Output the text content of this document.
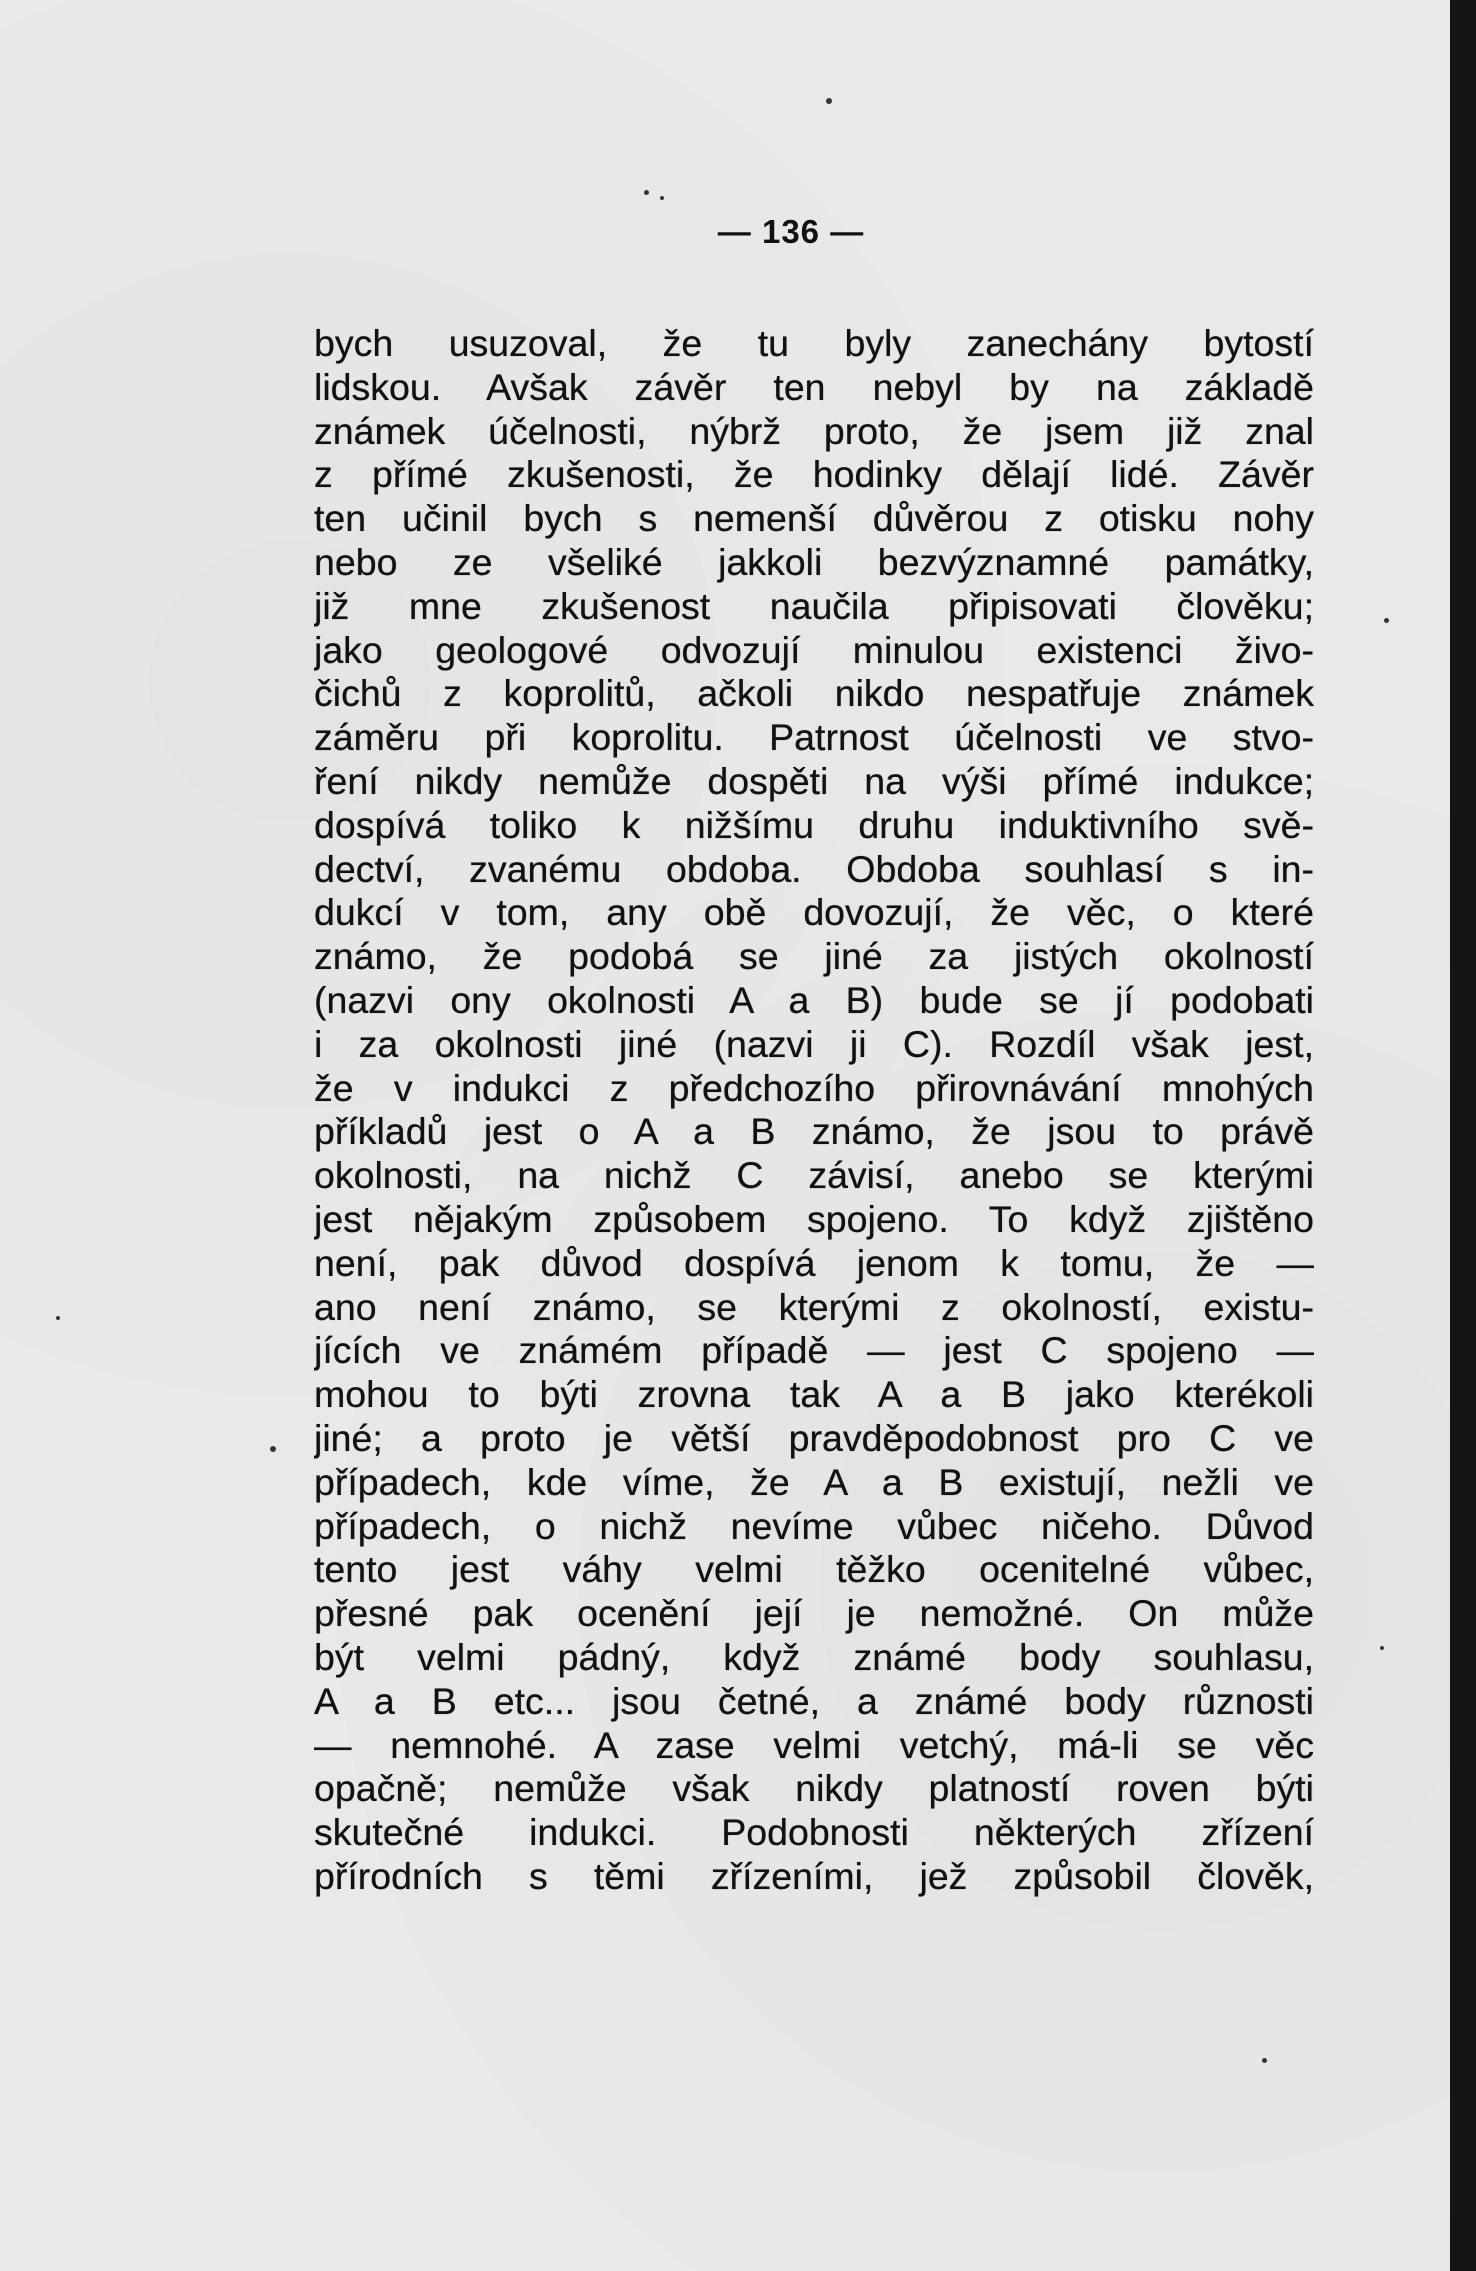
— 136 —
bych usuzoval, že tu byly zanechány bytostí
lidskou. Avšak závěr ten nebyl by na základě
známek účelnosti, nýbrž proto, že jsem již znal
z přímé zkušenosti, že hodinky dělají lidé. Závěr
ten učinil bych s nemenší důvěrou z otisku nohy
nebo ze všeliké jakkoli bezvýznamné památky,
již mne zkušenost naučila připisovati člověku;
jako geologové odvozují minulou existenci živo-
čichů z koprolitů, ačkoli nikdo nespatřuje známek
záměru při koprolitu. Patrnost účelnosti ve stvo-
ření nikdy nemůže dospěti na výši přímé indukce;
dospívá toliko k nižšímu druhu induktivního svě-
dectví, zvanému obdoba. Obdoba souhlasí s in-
dukcí v tom, any obě dovozují, že věc, o které
známo, že podobá se jiné za jistých okolností
(nazvi ony okolnosti A a B) bude se jí podobati
i za okolnosti jiné (nazvi ji C). Rozdíl však jest,
že v indukci z předchozího přirovnávání mnohých
příkladů jest o A a B známo, že jsou to právě
okolnosti, na nichž C závisí, anebo se kterými
jest nějakým způsobem spojeno. To když zjištěno
není, pak důvod dospívá jenom k tomu, že —
ano není známo, se kterými z okolností, existu-
jících ve známém případě — jest C spojeno —
mohou to býti zrovna tak A a B jako kterékoli
jiné; a proto je větší pravděpodobnost pro C ve
případech, kde víme, že A a B existují, nežli ve
případech, o nichž nevíme vůbec ničeho. Důvod
tento jest váhy velmi těžko ocenitelné vůbec,
přesné pak ocenění její je nemožné. On může
být velmi pádný, když známé body souhlasu,
A a B etc... jsou četné, a známé body různosti
— nemnohé. A zase velmi vetchý, má-li se věc
opačně; nemůže však nikdy platností roven býti
skutečné indukci. Podobnosti některých zřízení
přírodních s těmi zřízeními, jež způsobil člověk,
